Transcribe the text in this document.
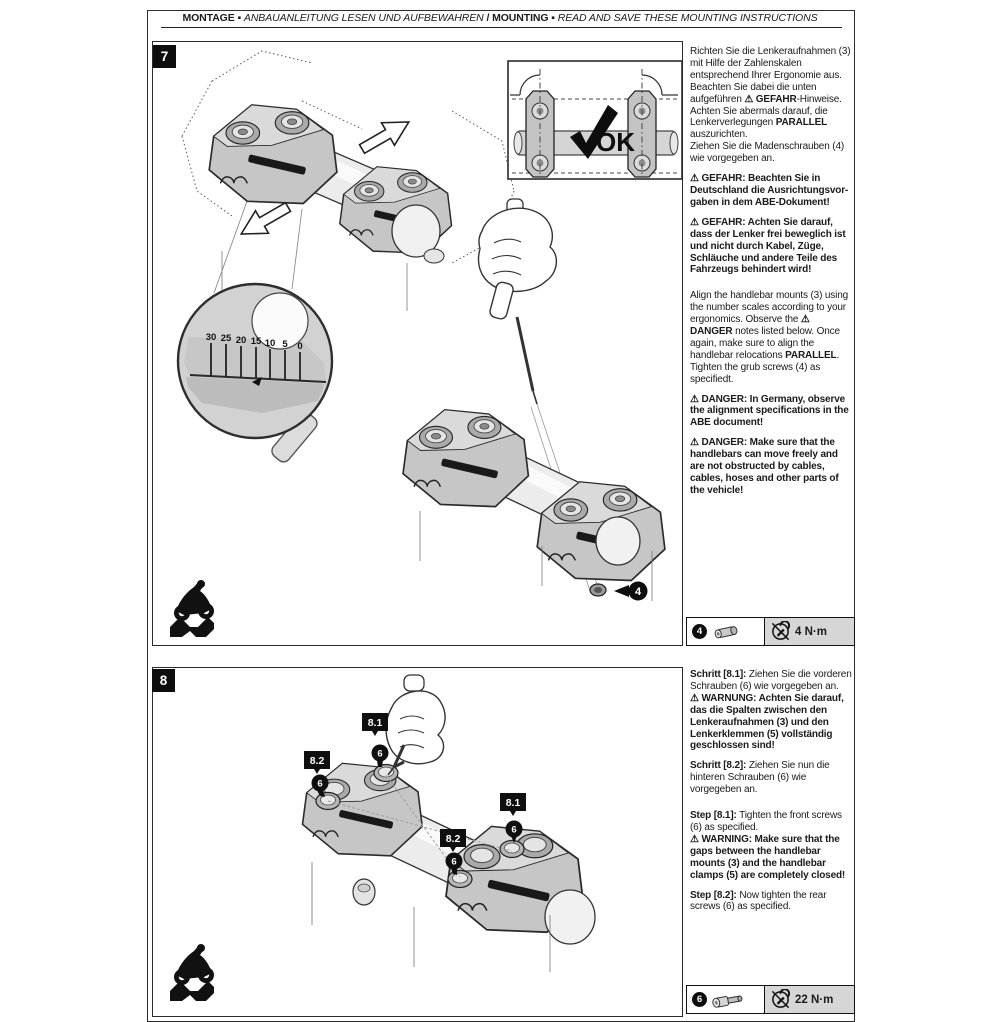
MONTAGE ▪ ANBAUANLEITUNG LESEN UND AUFBEWAHREN / MOUNTING ▪ READ AND SAVE THESE MOUNTING INSTRUCTIONS
7
30 25 20 15 10 5 0
OK
4

Richten Sie die Lenkeraufnahmen (3) mit Hilfe der Zahlenskalen entsprechend Ihrer Ergonomie aus. Beachten Sie dabei die unten aufgeführen ⚠ GEFAHR-Hinweise. Achten Sie abermals darauf, die Lenkerverlegungen PARALLEL auszurichten.

Ziehen Sie die Madenschrauben (4) wie vorgegeben an.

⚠ GEFAHR: Beachten Sie in Deutschland die Ausrichtungsvor-gaben in dem ABE-Dokument!

⚠ GEFAHR: Achten Sie darauf, dass der Lenker frei beweglich ist und nicht durch Kabel, Züge, Schläuche und andere Teile des Fahrzeugs behindert wird!

Align the handlebar mounts (3) using the number scales according to your ergonomics. Observe the ⚠ DANGER notes listed below. Once again, make sure to align the handlebar relocations PARALLEL. Tighten the grub screws (4) as specifiedt.

⚠ DANGER: In Germany, observe the alignment specifications in the ABE document!

⚠ DANGER: Make sure that the handlebars can move freely and are not obstructed by cables, cables, hoses and other parts of the vehicle!

4	4 N·m
8
8.1
6
8.2
6
8.1
6
8.2
6

Schritt [8.1]: Ziehen Sie die vorderen Schrauben (6) wie vorgegeben an.

⚠ WARNUNG: Achten Sie darauf, das die Spalten zwischen den Lenkeraufnahmen (3) und den Lenkerklemmen (5) vollständig geschlossen sind!

Schritt [8.2]: Ziehen Sie nun die hinteren Schrauben (6) wie vorgegeben an.

Step [8.1]: Tighten the front screws (6) as specified.

⚠ WARNING: Make sure that the gaps between the handlebar mounts (3) and the handlebar clamps (5) are completely closed!

Step [8.2]: Now tighten the rear screws (6) as specified.

6	22 N·m
